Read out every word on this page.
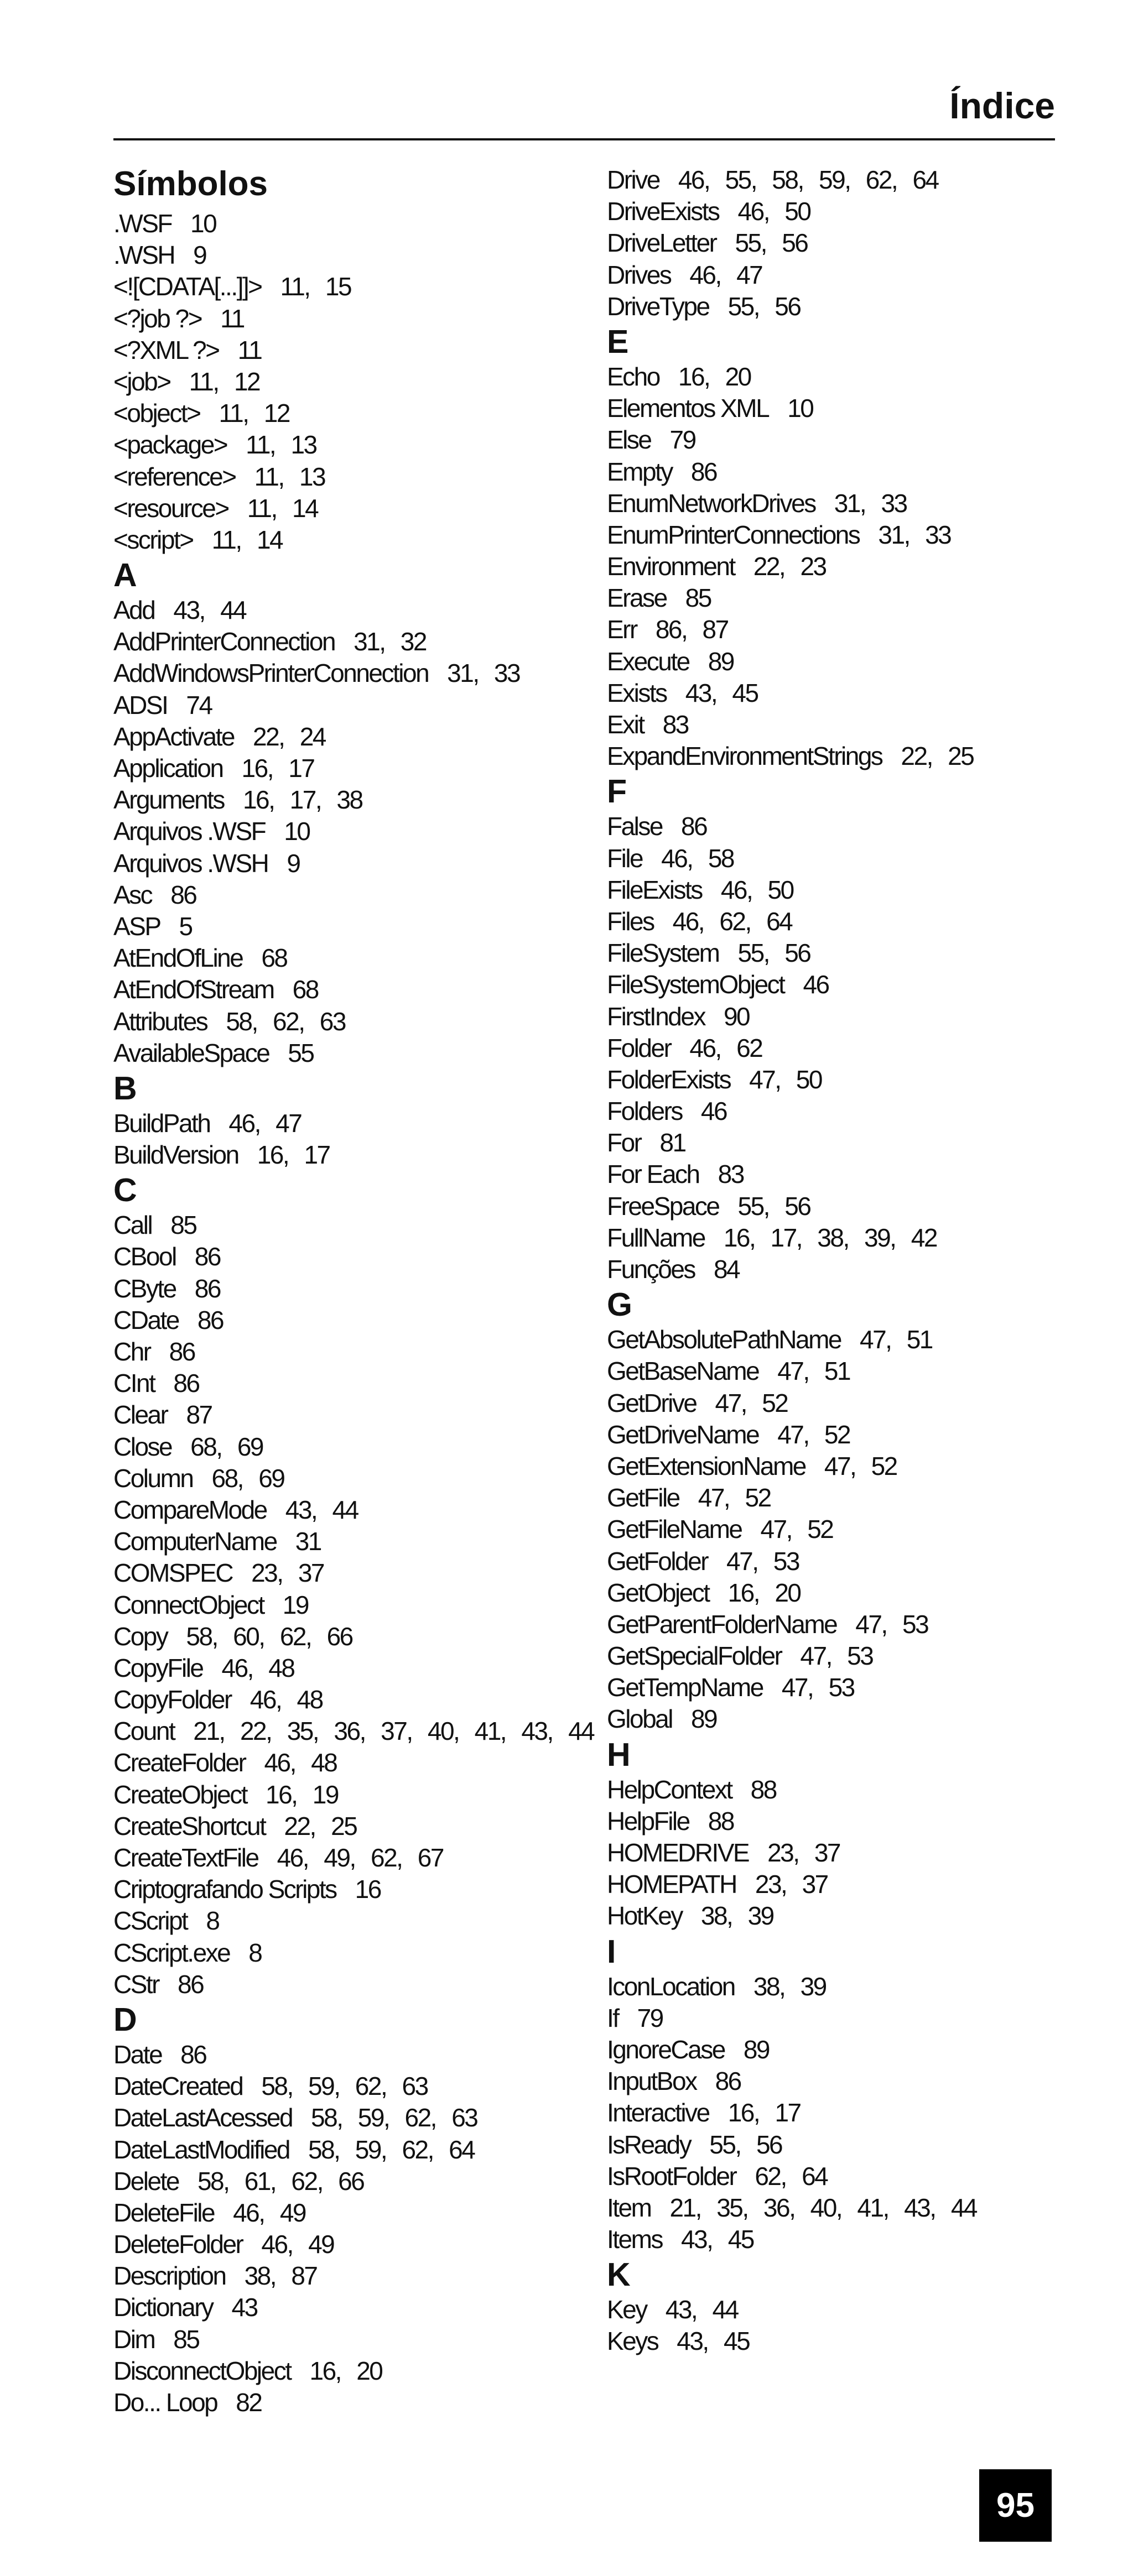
Índice
Símbolos
.WSF 10
.WSH 9
<![CDATA[...]]> 11, 15
<?job ?> 11
<?XML ?> 11
<job> 11, 12
<object> 11, 12
<package> 11, 13
<reference> 11, 13
<resource> 11, 14
<script> 11, 14
A
Add 43, 44
AddPrinterConnection 31, 32
AddWindowsPrinterConnection 31, 33
ADSI 74
AppActivate 22, 24
Application 16, 17
Arguments 16, 17, 38
Arquivos .WSF 10
Arquivos .WSH 9
Asc 86
ASP 5
AtEndOfLine 68
AtEndOfStream 68
Attributes 58, 62, 63
AvailableSpace 55
B
BuildPath 46, 47
BuildVersion 16, 17
C
Call 85
CBool 86
CByte 86
CDate 86
Chr 86
CInt 86
Clear 87
Close 68, 69
Column 68, 69
CompareMode 43, 44
ComputerName 31
COMSPEC 23, 37
ConnectObject 19
Copy 58, 60, 62, 66
CopyFile 46, 48
CopyFolder 46, 48
Count 21, 22, 35, 36, 37, 40, 41, 43, 44
CreateFolder 46, 48
CreateObject 16, 19
CreateShortcut 22, 25
CreateTextFile 46, 49, 62, 67
Criptografando Scripts 16
CScript 8
CScript.exe 8
CStr 86
D
Date 86
DateCreated 58, 59, 62, 63
DateLastAcessed 58, 59, 62, 63
DateLastModified 58, 59, 62, 64
Delete 58, 61, 62, 66
DeleteFile 46, 49
DeleteFolder 46, 49
Description 38, 87
Dictionary 43
Dim 85
DisconnectObject 16, 20
Do... Loop 82
Drive 46, 55, 58, 59, 62, 64
DriveExists 46, 50
DriveLetter 55, 56
Drives 46, 47
DriveType 55, 56
E
Echo 16, 20
Elementos XML 10
Else 79
Empty 86
EnumNetworkDrives 31, 33
EnumPrinterConnections 31, 33
Environment 22, 23
Erase 85
Err 86, 87
Execute 89
Exists 43, 45
Exit 83
ExpandEnvironmentStrings 22, 25
F
False 86
File 46, 58
FileExists 46, 50
Files 46, 62, 64
FileSystem 55, 56
FileSystemObject 46
FirstIndex 90
Folder 46, 62
FolderExists 47, 50
Folders 46
For 81
For Each 83
FreeSpace 55, 56
FullName 16, 17, 38, 39, 42
Funções 84
G
GetAbsolutePathName 47, 51
GetBaseName 47, 51
GetDrive 47, 52
GetDriveName 47, 52
GetExtensionName 47, 52
GetFile 47, 52
GetFileName 47, 52
GetFolder 47, 53
GetObject 16, 20
GetParentFolderName 47, 53
GetSpecialFolder 47, 53
GetTempName 47, 53
Global 89
H
HelpContext 88
HelpFile 88
HOMEDRIVE 23, 37
HOMEPATH 23, 37
HotKey 38, 39
I
IconLocation 38, 39
If 79
IgnoreCase 89
InputBox 86
Interactive 16, 17
IsReady 55, 56
IsRootFolder 62, 64
Item 21, 35, 36, 40, 41, 43, 44
Items 43, 45
K
Key 43, 44
Keys 43, 45
95
